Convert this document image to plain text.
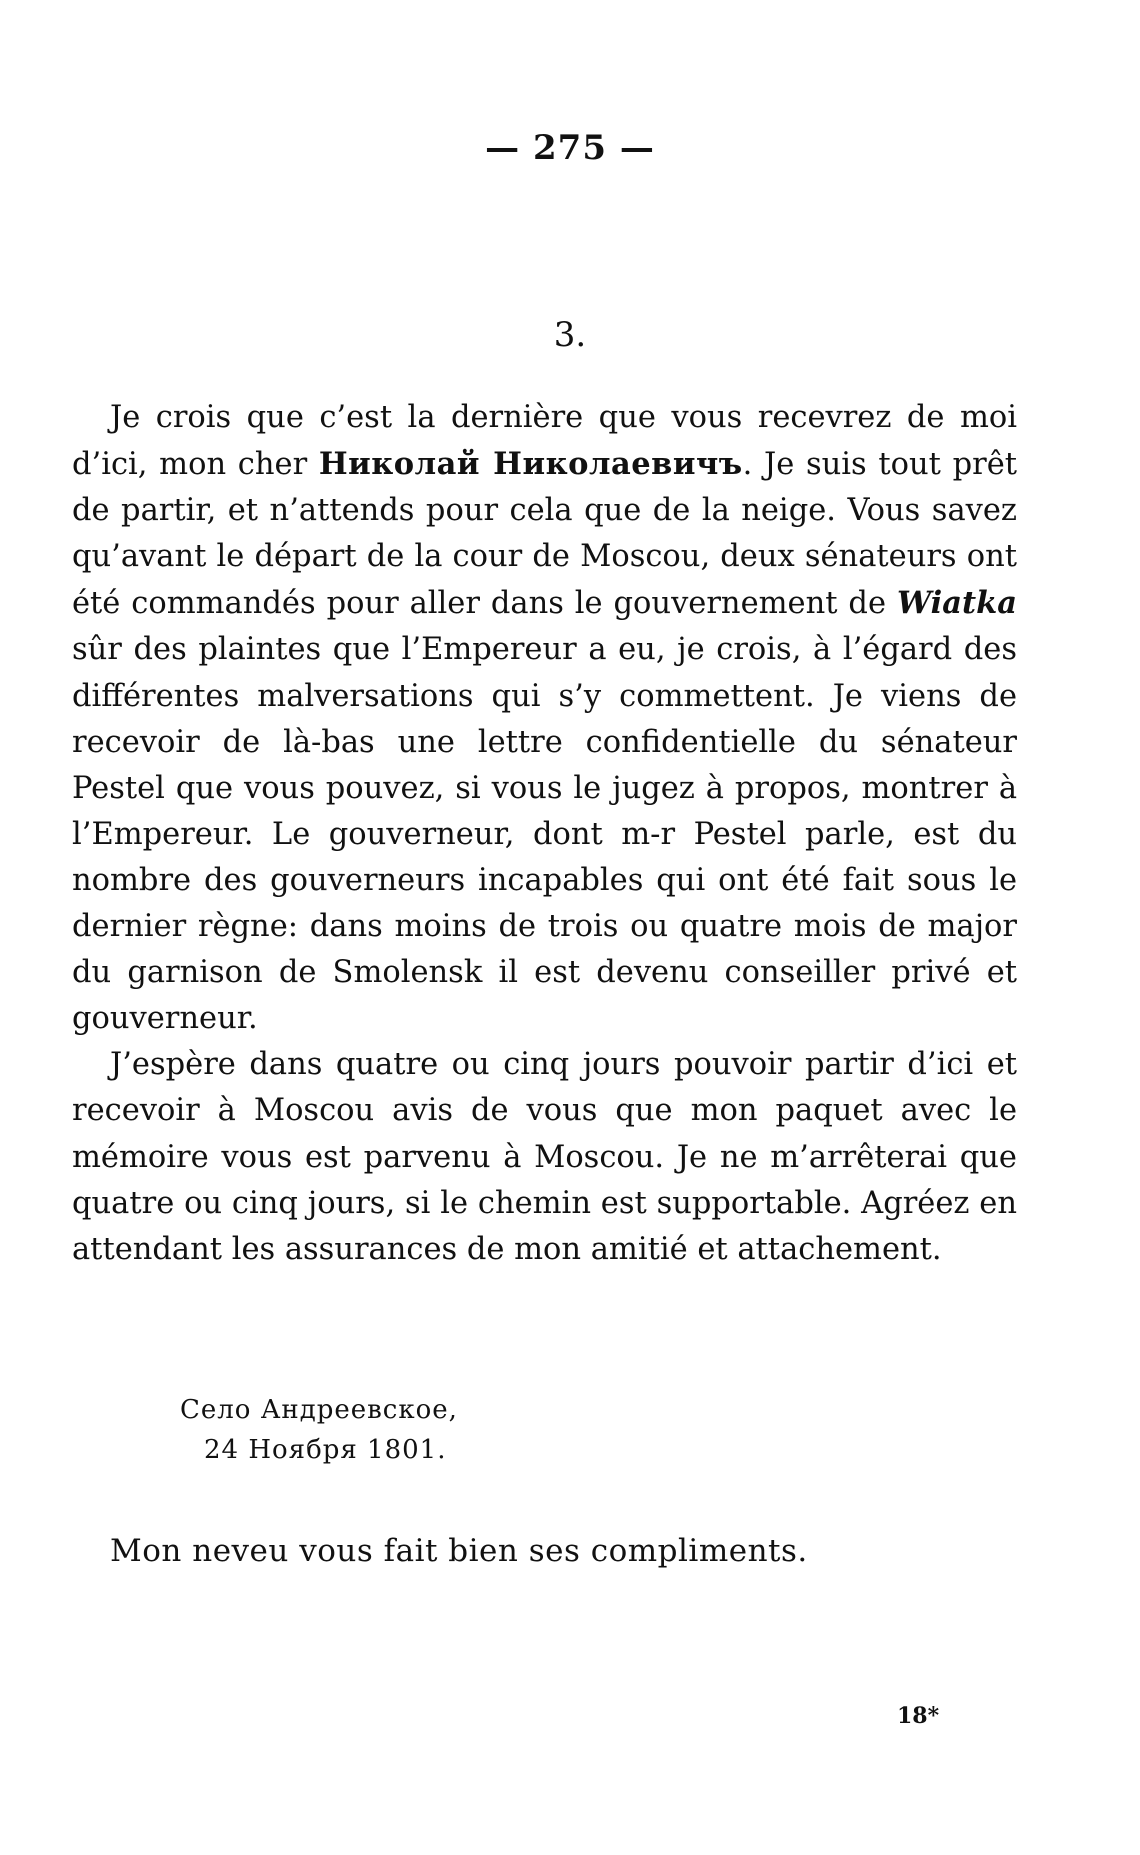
— 275 —
3.

Je crois que c’est la dernière que vous recevrez de moi d’ici, mon cher Николай Николаевичъ. Je suis tout prêt de partir, et n’attends pour cela que de la neige. Vous savez qu’avant le départ de la cour de Moscou, deux sénateurs ont été commandés pour aller dans le gouvernement de Wiatka sûr des plaintes que l’Empereur a eu, je crois, à l’égard des différentes malversations qui s’y commettent. Je viens de recevoir de là-bas une lettre confidentielle du sénateur Pestel que vous pouvez, si vous le jugez à propos, montrer à l’Empereur. Le gouverneur, dont m-r Pestel parle, est du nombre des gouverneurs incapables qui ont été fait sous le dernier règne: dans moins de trois ou quatre mois de major du garnison de Smolensk il est devenu conseiller privé et gouverneur.

J’espère dans quatre ou cinq jours pouvoir partir d’ici et recevoir à Moscou avis de vous que mon paquet avec le mémoire vous est parvenu à Moscou. Je ne m’arrêterai que quatre ou cinq jours, si le chemin est supportable. Agréez en attendant les assurances de mon amitié et attachement.

Село Андреевское,
24 Ноября 1801.
Mon neveu vous fait bien ses compliments.
18*
